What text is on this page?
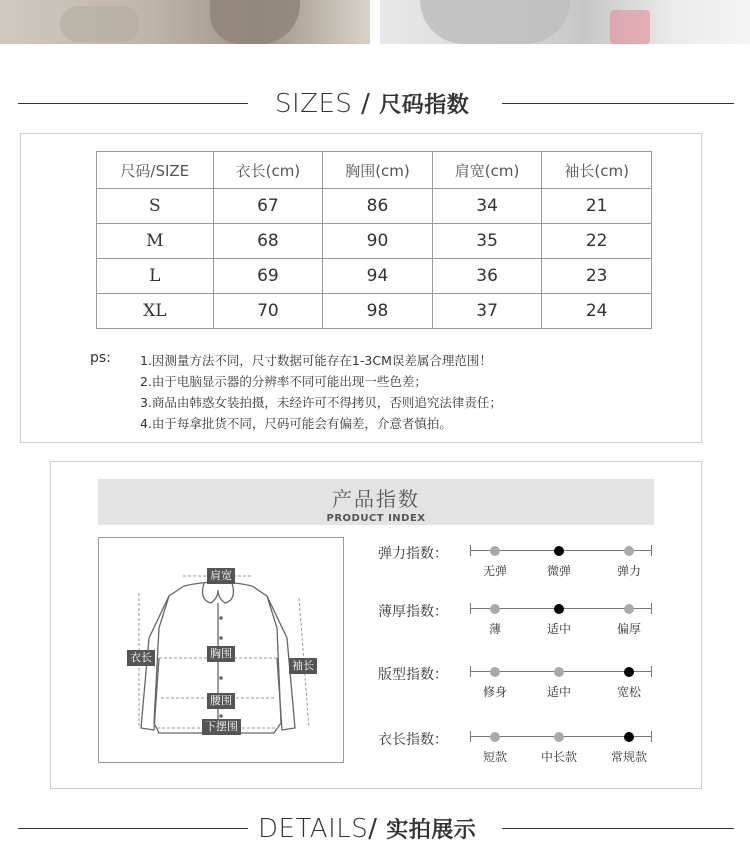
SIZES / 尺码指数
尺码/SIZE	衣长(cm)	胸围(cm)	肩宽(cm)	袖长(cm)
S	67	86	34	21
M	68	90	35	22
L	69	94	36	23
XL	70	98	37	24
ps: 1.因测量方法不同，尺寸数据可能存在1-3CM误差属合理范围！
2.由于电脑显示器的分辨率不同可能出现一些色差；
3.商品由韩惑女装拍摄，未经许可不得拷贝，否则追究法律责任；
4.由于每拿批货不同，尺码可能会有偏差，介意者慎拍。
产品指数
PRODUCT INDEX
肩宽
衣长	胸围
袖长
腰围
下摆围
弹力指数：
无弹	微弹	弹力
薄厚指数：
薄	适中	偏厚
版型指数：
修身	适中	宽松
衣长指数：
短款	中长款	常规款
DETAILS/ 实拍展示
